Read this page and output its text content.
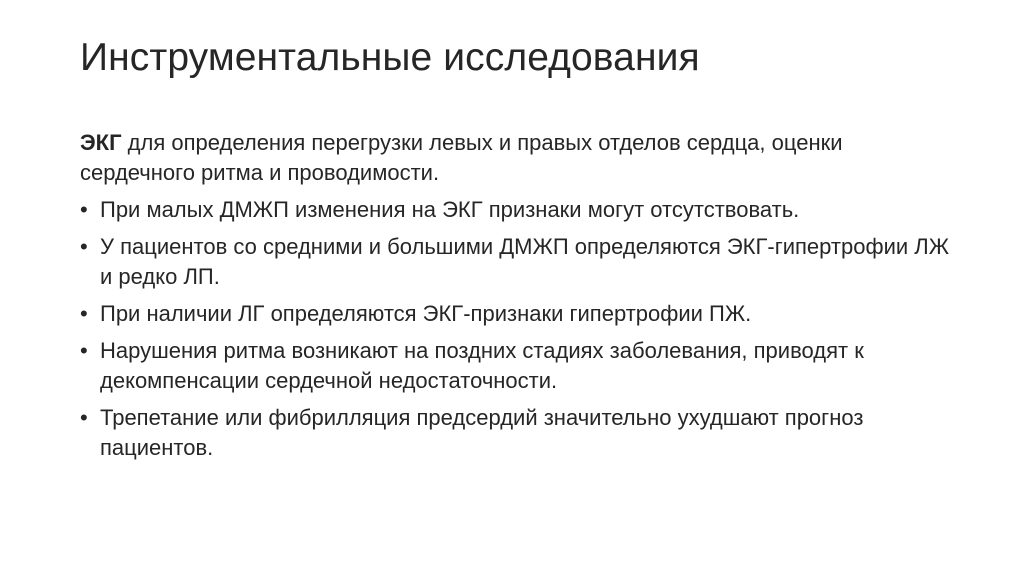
Инструментальные исследования

ЭКГ для определения перегрузки левых и правых отделов сердца, оценки сердечного ритма и проводимости.

• При малых ДМЖП изменения на ЭКГ признаки могут отсутствовать.
• У пациентов со средними и большими ДМЖП определяются ЭКГ-гипертрофии ЛЖ и редко ЛП.
• При наличии ЛГ определяются ЭКГ-признаки гипертрофии ПЖ.
• Нарушения ритма возникают на поздних стадиях заболевания, приводят к декомпенсации сердечной недостаточности.
• Трепетание или фибрилляция предсердий значительно ухудшают прогноз пациентов.
